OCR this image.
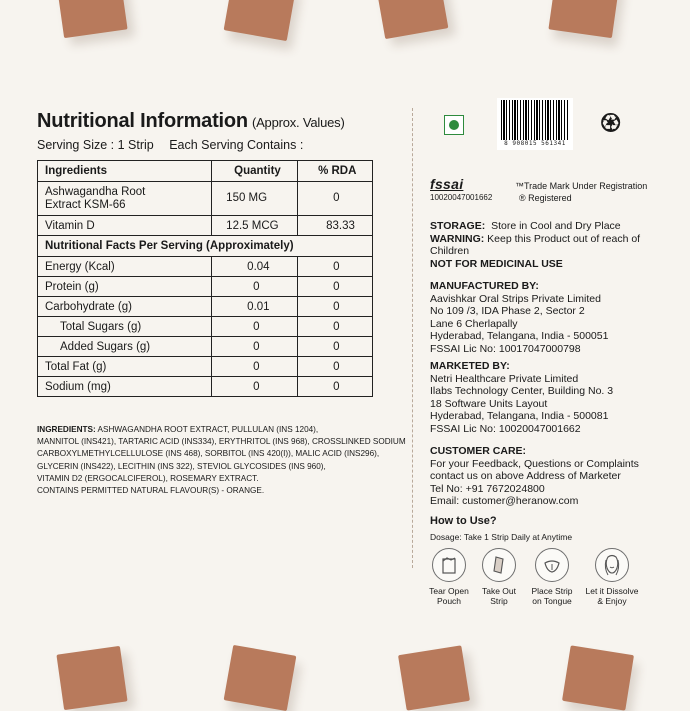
Nutritional Information (Approx. Values)
Serving Size : 1 Strip Each Serving Contains :
Ingredients	Quantity	% RDA
Ashwagandha Root
Extract KSM-66	150 MG	0
Vitamin D	12.5 MCG	83.33
Nutritional Facts Per Serving (Approximately)		
Energy (Kcal)	0.04	0
Protein (g)	0	0
Carbohydrate (g)	0.01	0
Total Sugars (g)	0	0
Added Sugars (g)	0	0
Total Fat (g)	0	0
Sodium (mg)	0	0
INGREDIENTS: ASHWAGANDHA ROOT EXTRACT, PULLULAN (INS 1204),
MANNITOL (INS421), TARTARIC ACID (INS334), ERYTHRITOL (INS 968), CROSSLINKED SODIUM
CARBOXYLMETHYLCELLULOSE (INS 468), SORBITOL (INS 420(I)), MALIC ACID (INS296),
GLYCERIN (INS422), LECITHIN (INS 322), STEVIOL GLYCOSIDES (INS 960),
VITAMIN D2 (ERGOCALCIFEROL), ROSEMARY EXTRACT.
CONTAINS PERMITTED NATURAL FLAVOUR(S) - ORANGE.
8 908015 561341
♼
fssai
10020047001662
™Trade Mark Under Registration
® Registered
STORAGE: Store in Cool and Dry Place
WARNING: Keep this Product out of reach of Children
NOT FOR MEDICINAL USE
MANUFACTURED BY:
Aavishkar Oral Strips Private Limited
No 109 /3, IDA Phase 2, Sector 2
Lane 6 Cherlapally
Hyderabad, Telangana, India - 500051
FSSAI Lic No: 10017047000798
MARKETED BY:
Netri Healthcare Private Limited
Ilabs Technology Center, Building No. 3
18 Software Units Layout
Hyderabad, Telangana, India - 500081
FSSAI Lic No: 10020047001662
CUSTOMER CARE:
For your Feedback, Questions or Complaints
contact us on above Address of Marketer
Tel No: +91 7672024800
Email: customer@heranow.com
How to Use?
Dosage: Take 1 Strip Daily at Anytime
Tear Open
Pouch
Take Out
Strip
Place Strip
on Tongue
Let it Dissolve
& Enjoy
